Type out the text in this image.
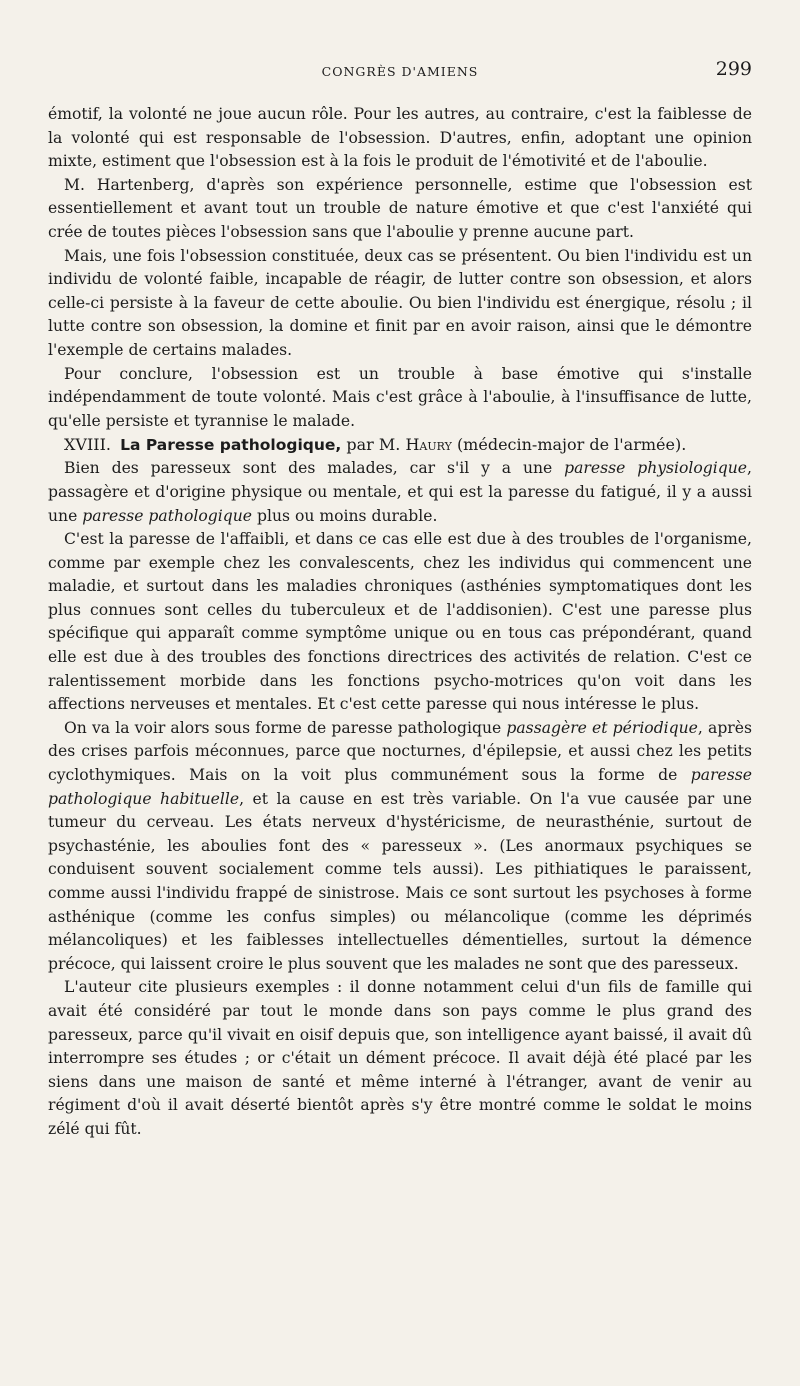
CONGRÈS D'AMIENS	299

émotif, la volonté ne joue aucun rôle. Pour les autres, au contraire, c'est la faiblesse de la volonté qui est responsable de l'obsession. D'autres, enfin, adoptant une opinion mixte, estiment que l'obsession est à la fois le produit de l'émotivité et de l'aboulie.

M. Hartenberg, d'après son expérience personnelle, estime que l'obsession est essentiellement et avant tout un trouble de nature émotive et que c'est l'anxiété qui crée de toutes pièces l'obsession sans que l'aboulie y prenne aucune part.

Mais, une fois l'obsession constituée, deux cas se présentent. Ou bien l'individu est un individu de volonté faible, incapable de réagir, de lutter contre son obsession, et alors celle-ci persiste à la faveur de cette aboulie. Ou bien l'individu est énergique, résolu ; il lutte contre son obsession, la domine et finit par en avoir raison, ainsi que le démontre l'exemple de certains malades.

Pour conclure, l'obsession est un trouble à base émotive qui s'installe indépendamment de toute volonté. Mais c'est grâce à l'aboulie, à l'insuffisance de lutte, qu'elle persiste et tyrannise le malade.

XVIII. La Paresse pathologique, par M. Haury (médecin-major de l'armée).

Bien des paresseux sont des malades, car s'il y a une paresse physiologique, passagère et d'origine physique ou mentale, et qui est la paresse du fatigué, il y a aussi une paresse pathologique plus ou moins durable.

C'est la paresse de l'affaibli, et dans ce cas elle est due à des troubles de l'organisme, comme par exemple chez les convalescents, chez les individus qui commencent une maladie, et surtout dans les maladies chroniques (asthénies symptomatiques dont les plus connues sont celles du tuberculeux et de l'addisonien). C'est une paresse plus spécifique qui apparaît comme symptôme unique ou en tous cas prépondérant, quand elle est due à des troubles des fonctions directrices des activités de relation. C'est ce ralentissement morbide dans les fonctions psycho-motrices qu'on voit dans les affections nerveuses et mentales. Et c'est cette paresse qui nous intéresse le plus.

On va la voir alors sous forme de paresse pathologique passagère et périodique, après des crises parfois méconnues, parce que nocturnes, d'épilepsie, et aussi chez les petits cyclothymiques. Mais on la voit plus communément sous la forme de paresse pathologique habituelle, et la cause en est très variable. On l'a vue causée par une tumeur du cerveau. Les états nerveux d'hystéricisme, de neurasthénie, surtout de psychasténie, les aboulies font des « paresseux ». (Les anormaux psychiques se conduisent souvent socialement comme tels aussi). Les pithiatiques le paraissent, comme aussi l'individu frappé de sinistrose. Mais ce sont surtout les psychoses à forme asthénique (comme les confus simples) ou mélancolique (comme les déprimés mélancoliques) et les faiblesses intellectuelles démentielles, surtout la démence précoce, qui laissent croire le plus souvent que les malades ne sont que des paresseux.

L'auteur cite plusieurs exemples : il donne notamment celui d'un fils de famille qui avait été considéré par tout le monde dans son pays comme le plus grand des paresseux, parce qu'il vivait en oisif depuis que, son intelligence ayant baissé, il avait dû interrompre ses études ; or c'était un dément précoce. Il avait déjà été placé par les siens dans une maison de santé et même interné à l'étranger, avant de venir au régiment d'où il avait déserté bientôt après s'y être montré comme le soldat le moins zélé qui fût.
